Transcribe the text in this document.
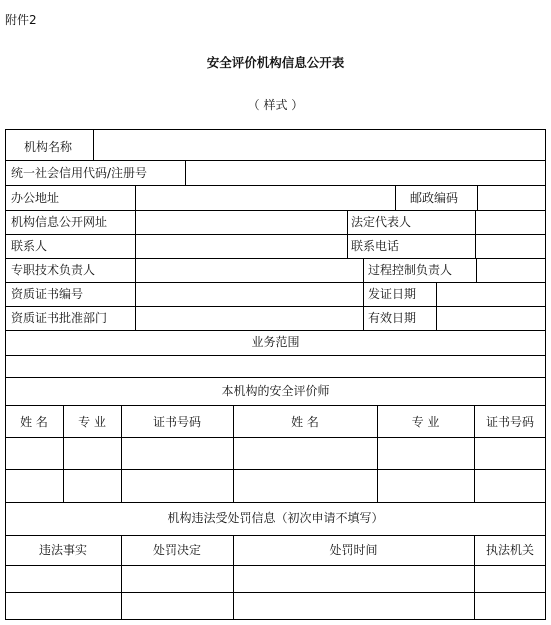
附件2
安全评价机构信息公开表
（ 样式 ）
机构名称
统一社会信用代码/注册号
办公地址	邮政编码
机构信息公开网址	法定代表人
联系人	联系电话
专职技术负责人	过程控制负责人
资质证书编号	发证日期
资质证书批准部门	有效日期
业务范围
本机构的安全评价师
姓 名	专 业	证书号码	姓 名	专 业	证书号码
机构违法受处罚信息（初次申请不填写）
违法事实	处罚决定	处罚时间	执法机关
